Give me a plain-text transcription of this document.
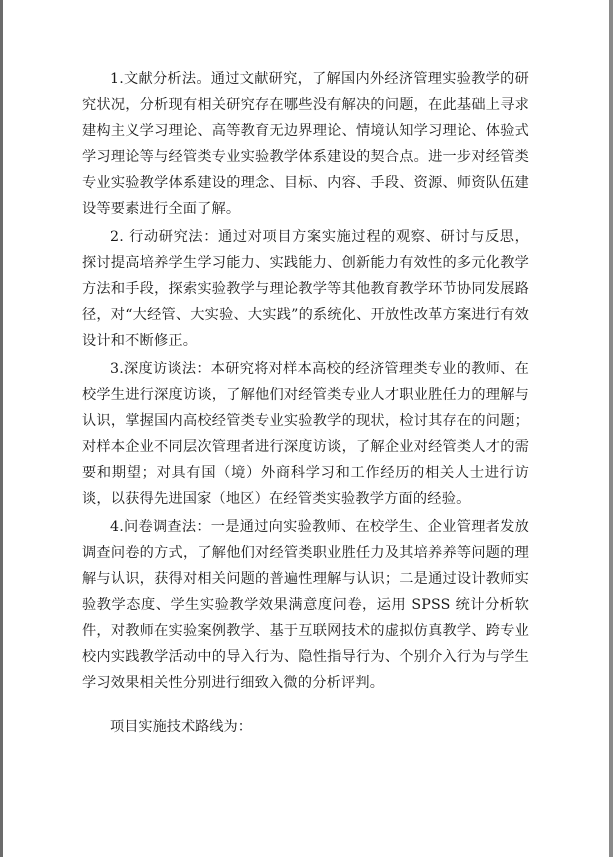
1.文献分析法。通过文献研究，了解国内外经济管理实验教学的研究状况，分析现有相关研究存在哪些没有解决的问题，在此基础上寻求建构主义学习理论、高等教育无边界理论、情境认知学习理论、体验式学习理论等与经管类专业实验教学体系建设的契合点。进一步对经管类专业实验教学体系建设的理念、目标、内容、手段、资源、师资队伍建设等要素进行全面了解。

2. 行动研究法：通过对项目方案实施过程的观察、研讨与反思，探讨提高培养学生学习能力、实践能力、创新能力有效性的多元化教学方法和手段，探索实验教学与理论教学等其他教育教学环节协同发展路径，对“大经管、大实验、大实践”的系统化、开放性改革方案进行有效设计和不断修正。

3.深度访谈法：本研究将对样本高校的经济管理类专业的教师、在校学生进行深度访谈，了解他们对经管类专业人才职业胜任力的理解与认识，掌握国内高校经管类专业实验教学的现状，检讨其存在的问题；对样本企业不同层次管理者进行深度访谈，了解企业对经管类人才的需要和期望；对具有国（境）外商科学习和工作经历的相关人士进行访谈，以获得先进国家（地区）在经管类实验教学方面的经验。

4.问卷调查法：一是通过向实验教师、在校学生、企业管理者发放调查问卷的方式，了解他们对经管类职业胜任力及其培养养等问题的理解与认识，获得对相关问题的普遍性理解与认识；二是通过设计教师实验教学态度、学生实验教学效果满意度问卷，运用 SPSS 统计分析软件，对教师在实验案例教学、基于互联网技术的虚拟仿真教学、跨专业校内实践教学活动中的导入行为、隐性指导行为、个别介入行为与学生学习效果相关性分别进行细致入微的分析评判。

项目实施技术路线为：
